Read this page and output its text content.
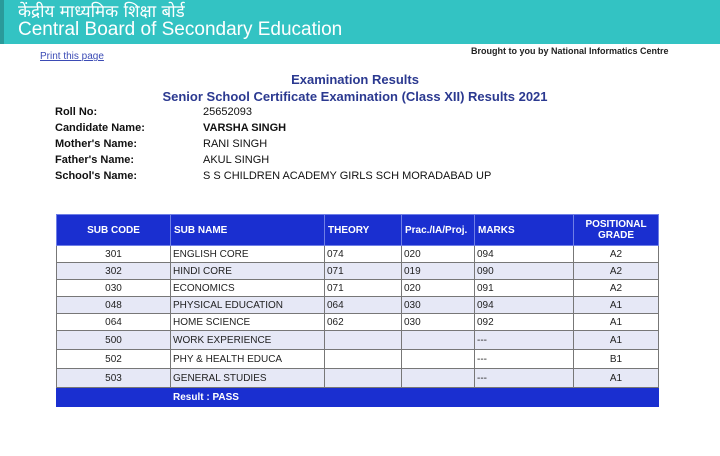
केंद्रीय माध्यमिक शिक्षा बोर्ड
Central Board of Secondary Education
Print this page	Brought to you by National Informatics Centre
Examination Results
Senior School Certificate Examination (Class XII) Results 2021
Roll No:	25652093
Candidate Name:	VARSHA SINGH
Mother's Name:	RANI SINGH
Father's Name:	AKUL SINGH
School's Name:	S S CHILDREN ACADEMY GIRLS SCH MORADABAD UP
SUB CODE	SUB NAME	THEORY	Prac./IA/Proj.	MARKS	POSITIONAL GRADE
301	ENGLISH CORE	074	020	094	A2
302	HINDI CORE	071	019	090	A2
030	ECONOMICS	071	020	091	A2
048	PHYSICAL EDUCATION	064	030	094	A1
064	HOME SCIENCE	062	030	092	A1
500	WORK EXPERIENCE			---	A1
502	PHY & HEALTH EDUCA			---	B1
503	GENERAL STUDIES			---	A1
	Result : PASS				
